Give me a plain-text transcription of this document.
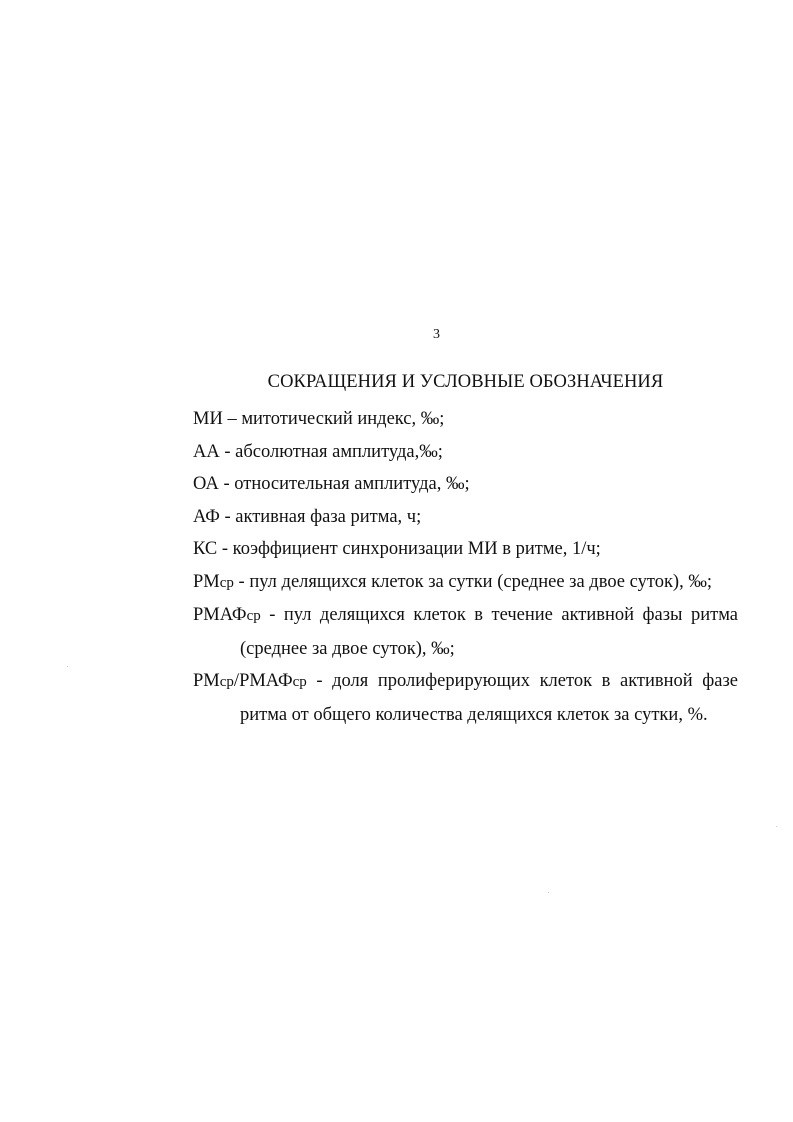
3
СОКРАЩЕНИЯ И УСЛОВНЫЕ ОБОЗНАЧЕНИЯ
МИ – митотический индекс, ‰;
АА - абсолютная амплитуда,‰;
ОА - относительная амплитуда, ‰;
АФ - активная фаза ритма, ч;
КС - коэффициент синхронизации МИ в ритме, 1/ч;
РМср - пул делящихся клеток за сутки (среднее за двое суток), ‰;
РМАФср - пул делящихся клеток в течение активной фазы ритма
(среднее за двое суток), ‰;
РМср/РМАФср - доля пролиферирующих клеток в активной фазе
ритма от общего количества делящихся клеток за сутки, %.
